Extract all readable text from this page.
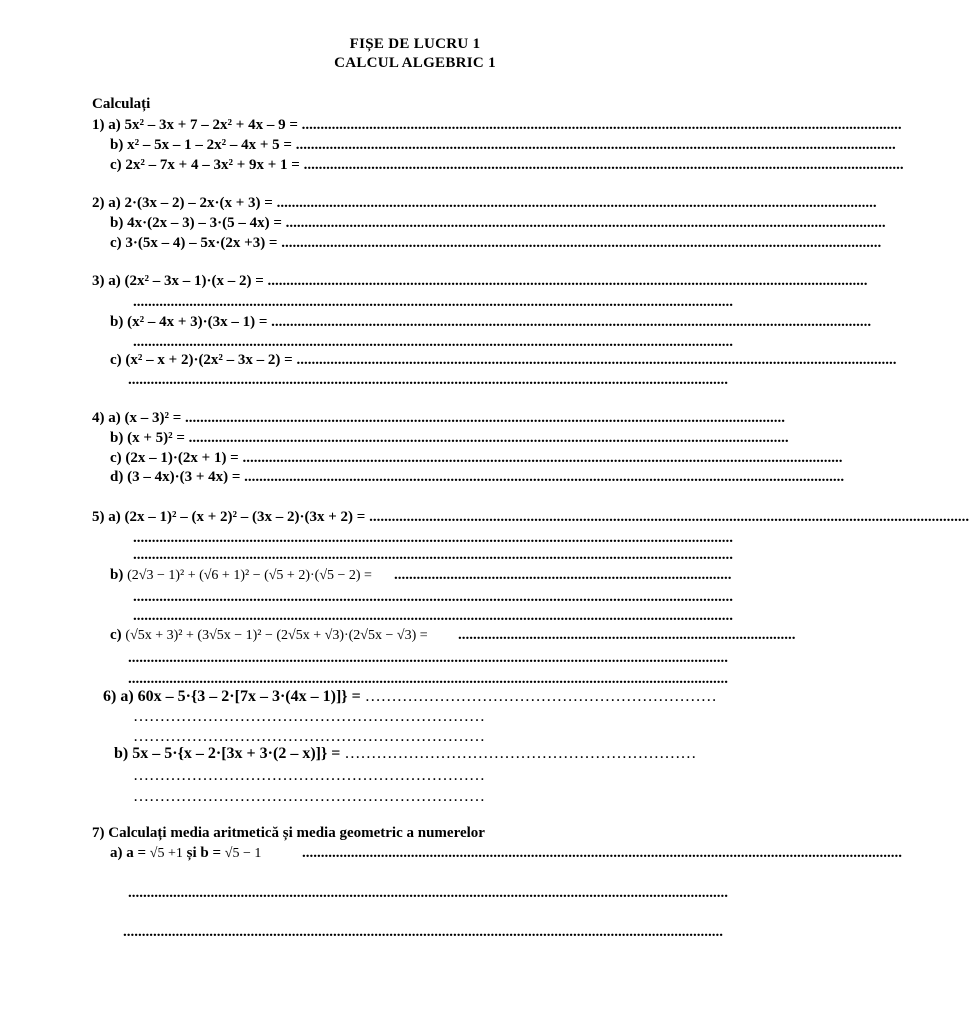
FIȘE DE LUCRU 1
CALCUL ALGEBRIC 1
Calculați
1) a) 5x² – 3x + 7 – 2x² + 4x – 9 = ................................................................................................................................................................
b) x² – 5x – 1 – 2x² – 4x + 5 = ................................................................................................................................................................
c) 2x² – 7x + 4 – 3x² + 9x + 1 = ................................................................................................................................................................
2) a) 2·(3x – 2) – 2x·(x + 3) = ................................................................................................................................................................
b) 4x·(2x – 3) – 3·(5 – 4x) = ................................................................................................................................................................
c) 3·(5x – 4) – 5x·(2x +3) = ................................................................................................................................................................
3) a) (2x² – 3x – 1)·(x – 2) = ................................................................................................................................................................
................................................................................................................................................................
b) (x² – 4x + 3)·(3x – 1) = ................................................................................................................................................................
................................................................................................................................................................
c) (x² – x + 2)·(2x² – 3x – 2) = ................................................................................................................................................................
................................................................................................................................................................
4) a) (x – 3)² = ................................................................................................................................................................
b) (x + 5)² = ................................................................................................................................................................
c) (2x – 1)·(2x + 1) = ................................................................................................................................................................
d) (3 – 4x)·(3 + 4x) = ................................................................................................................................................................
5) a) (2x – 1)² – (x + 2)² – (3x – 2)·(3x + 2) = ................................................................................................................................................................
................................................................................................................................................................
................................................................................................................................................................
b) (2√3 − 1)² + (√6 + 1)² − (√5 + 2)·(√5 − 2) =	..........................................................................................
................................................................................................................................................................
................................................................................................................................................................
c) (√5x + 3)² + (3√5x − 1)² − (2√5x + √3)·(2√5x − √3) =	..........................................................................................
................................................................................................................................................................
................................................................................................................................................................
6) a) 60x – 5·{3 – 2·[7x – 3·(4x – 1)]} = …………………………………………………………
…………………………………………………………
…………………………………………………………
b) 5x – 5·{x – 2·[3x + 3·(2 – x)]} = …………………………………………………………
…………………………………………………………
…………………………………………………………
7) Calculați media aritmetică și media geometric a numerelor
a) a = √5 +1 și b = √5 − 1	................................................................................................................................................................
................................................................................................................................................................
................................................................................................................................................................
